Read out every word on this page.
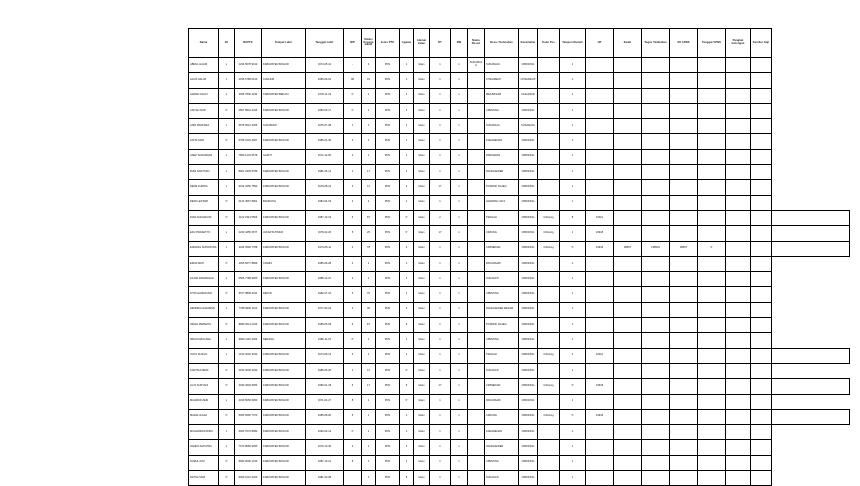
Nama	JK	NUPTK	Tempat Lahir	Tanggal Lahir	NIP	Status Kepegawaian	Jenis PTK	Agama	Alamat Jalan	RT	RW	Nama Dusun	Desa / Kelurahan	Kecamatan	Kode Pos	Telepon Rumah	HP	Email	Tugas Tambahan	SK CPNS	Tanggal CPNS	Pangkat Golongan	Sumber Gaji	
ABDUL HALIM	L	1234 5678 9012	KABUPATEN BOGOR	1974-05-12	-	3	PNS	1	Islam	1	1	SUKAMAJU	SUKAMAJU	CIBINONG		1								
AGUS SALIM	L	2345 6789 0123	CIANJUR	1980-09-02	08	01	PNS	1	Islam	1	1		CITEUREUP	CITEUREUP		1								
AHMAD FAUZI	L	3456 7890 1234	KABUPATEN BEKASI	1978-11-23	P	1	PNS	1	Islam	1	1		MEKARSARI	CILEUNGSI		1								
AISYAH NUR	P	4567 8901 2345	KABUPATEN BOGOR	1983-03-17	P	1	PNS	1	Islam	1	1		CIBINONG	CIBINONG		1								
ANDI PRATAMA	L	5678 9012 3456	SUKABUMI	1975-07-08	J	1	PNS	1	Islam	1	1		SUKARAJA	SUKARAJA		1								
ANITA SARI	P	6789 0123 4567	KABUPATEN BOGOR	1986-01-30	4	1	PNS	1	Islam	1	1		KARADENAN	CIBINONG		1								
ASEP SUNANDAR	L	7890 1234 5678	GARUT	1972-12-05	4	1	PNS	1	Islam	1	1		PABUARAN	CIBINONG		1								
BUDI SANTOSO	L	8901 2345 6789	KABUPATEN BOGOR	1981-06-14	1	17	PNS	3	Islam	1	1		NANGGEWER	CIBINONG		1								
DEDE KURNIA	L	9012 3456 7890	KABUPATEN BOGOR	1979-08-21	4	11	PNS	2	Islam	17	1		PONDOK RAJEG	CIBINONG		1								
DEWI LESTARI	P	0123 4567 8901	BANDUNG	1984-04-03	4	2	PNS	1	Islam	1	1		HARAPAN JAYA	CIBINONG		1								
DIAN ANGGRAINI	P	1122 3344 5566	KABUPATEN BOGOR	1987-10-19	5	87	PNS	P	Islam	2	1		TENGAH	CIBINONG	Cibinong	8	16911							
EKO PRASETYO	L	2233 4455 6677	JAKARTA TIMUR	1976-02-26	5	25	PNS	P	Islam	17	1		CIRIUNG	CIBINONG	Cibinong	1	16918							
ENDANG SUPRIATNA	L	3344 5566 7788	KABUPATEN BOGOR	1973-05-11	4	78	PNS	3	Islam	1	1		CIRIMEKAR	CIBINONG	Cibinong	P	16918	08567	198501	08567	P			
ERNA WATI	P	4455 6677 8899	CIAMIS	1985-09-28	4	1	PNS	1	Islam	1	1		PAKANSARI	CIBINONG		1								
FAJAR RAMADHAN	L	5566 7788 9900	KABUPATEN BOGOR	1988-12-07	4	1	PNS	1	Islam	1	1		SUKAHATI	CIBINONG		1								
FITRI HANDAYANI	P	6677 8899 0011	DEPOK	1982-07-16	5	79	PNS	1	Islam	1	1		CIBINONG	CIBINONG		1								
HENDRA GUNAWAN	L	7788 9900 1122	KABUPATEN BOGOR	1977-03-22	4	36	PNS	4	Islam	1	1		NANGGEWER MEKAR	CIBINONG		1								
INDAH PERMATA	P	8899 0011 2233	KABUPATEN BOGOR	1989-05-09	5	87	PNS	5	Islam	1	1		PONDOK RAJEG	CIBINONG		1								
IRFAN MAULANA	L	9900 1122 3344	SERANG	1980-11-01	P	1	PNS	1	Islam	1	1		CIBINONG	CIBINONG		1								
JOKO SUSILO	L	1010 2020 3030	KABUPATEN BOGOR	1974-09-13	5	1	PNS	1	Islam	1	1		TENGAH	CIBINONG	Cibinong	4	16911							
KARTIKA DEWI	P	2020 3030 4040	KABUPATEN BOGOR	1986-06-25	1	11	PNS	P	Islam	1	1		SUKAHATI	CIBINONG		1								
LILIS SURYANI	P	3030 4040 5050	KABUPATEN BOGOR	1983-01-18	5	17	PNS	5	Islam	17	1		CIRIMEKAR	CIBINONG	Cibinong	P	16918							
MAHMUD ZEIN	L	4040 5050 6060	KABUPATEN BOGOR	1971-04-27	8	1	PNS	P	Islam	1	1		PAKANSARI	CIBINONG		1								
MARIA ULFAH	P	5050 6060 7070	KABUPATEN BOGOR	1985-08-06	5	1	PNS	1	Islam	1	1		CIRIUNG	CIBINONG	Cibinong	P	16918							
MUHAMMAD RIZKI	L	6060 7070 8080	KABUPATEN BOGOR	1990-02-14	P	1	PNS	1	Islam	1	1		KARADENAN	CIBINONG		1								
NANDA SAPUTRA	L	7070 8080 9090	KABUPATEN BOGOR	1979-10-30	4	1	PNS	4	Islam	1	1		NANGGEWER	CIBINONG		1								
NURUL AINI	P	8080 9090 1010	KABUPATEN BOGOR	1987-12-21	8	1	PNS	1	Islam	1	1		CIBINONG	CIBINONG		1								
RATNA SARI	P	9090 1010 2020	KABUPATEN BOGOR	1981-03-08		1	PNS	8	Islam	1	1		SUKAHATI	CIBINONG		1								
